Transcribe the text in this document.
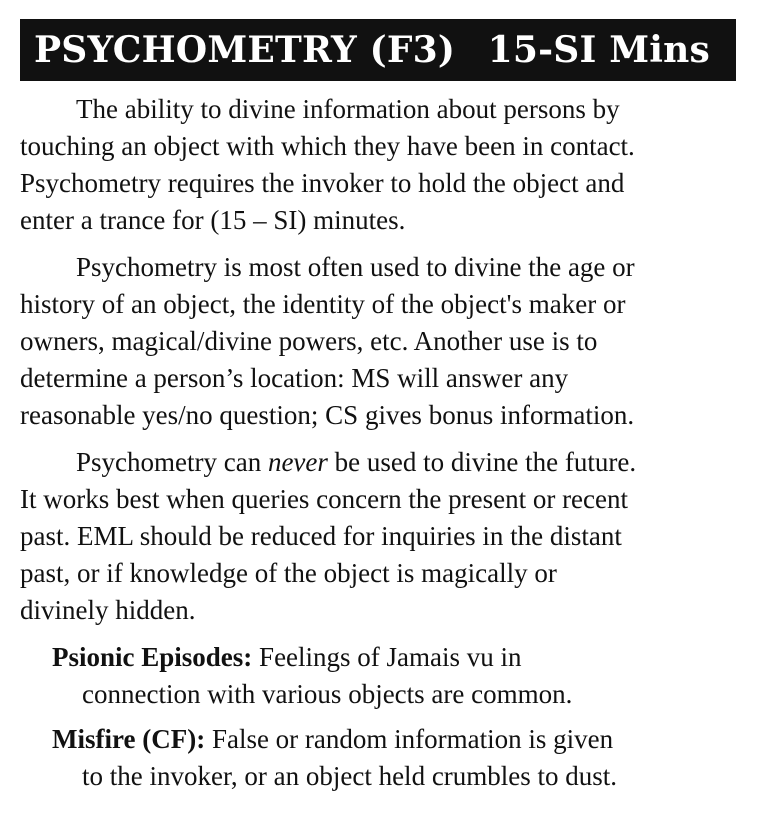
PSYCHOMETRY (F3) 15-SI Mins
The ability to divine information about persons by
touching an object with which they have been in contact.
Psychometry requires the invoker to hold the object and
enter a trance for (15 – SI) minutes.
Psychometry is most often used to divine the age or
history of an object, the identity of the object's maker or
owners, magical/divine powers, etc. Another use is to
determine a person’s location: MS will answer any
reasonable yes/no question; CS gives bonus information.
Psychometry can never be used to divine the future.
It works best when queries concern the present or recent
past. EML should be reduced for inquiries in the distant
past, or if knowledge of the object is magically or
divinely hidden.
Psionic Episodes: Feelings of Jamais vu in
connection with various objects are common.
Misfire (CF): False or random information is given
to the invoker, or an object held crumbles to dust.
